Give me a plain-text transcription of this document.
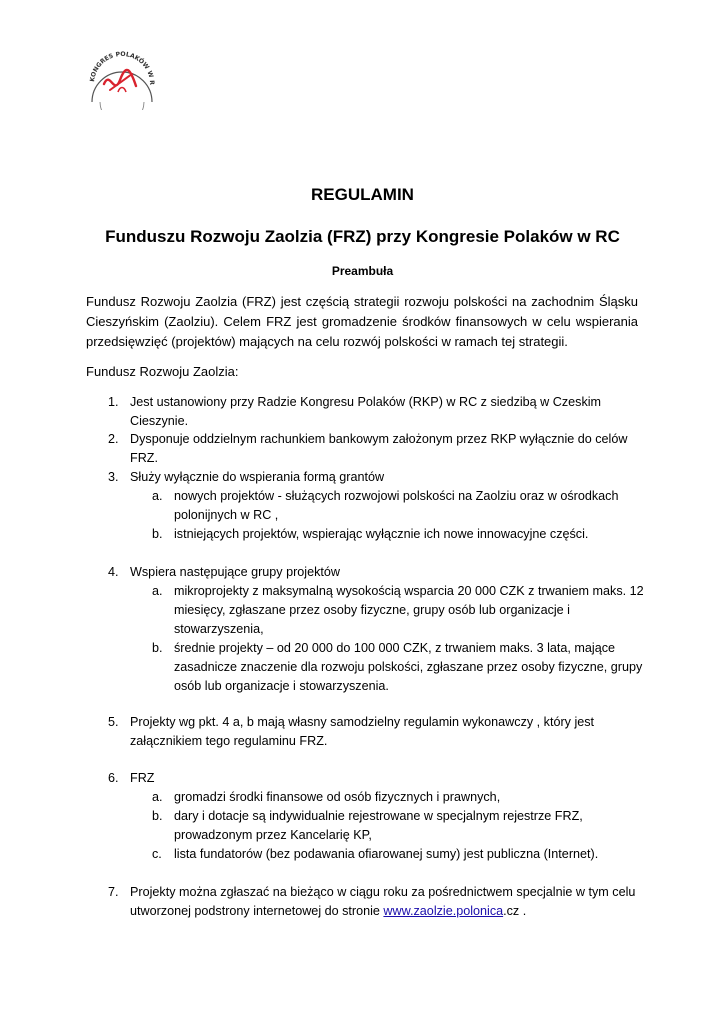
KONGRES POLAKÓW W R
REGULAMIN
Funduszu Rozwoju Zaolzia (FRZ) przy Kongresie Polaków w RC
Preambuła
Fundusz Rozwoju Zaolzia (FRZ) jest częścią strategii rozwoju polskości na zachodnim Śląsku Cieszyńskim (Zaolziu). Celem FRZ jest gromadzenie środków finansowych w celu wspierania przedsięwzięć (projektów) mających na celu rozwój polskości w ramach tej strategii.
Fundusz Rozwoju Zaolzia:
1. Jest ustanowiony przy Radzie Kongresu Polaków (RKP) w RC z siedzibą w Czeskim Cieszynie.
2. Dysponuje oddzielnym rachunkiem bankowym założonym przez RKP wyłącznie do celów FRZ.
3. Służy wyłącznie do wspierania formą grantów
a. nowych projektów - służących rozwojowi polskości na Zaolziu oraz w ośrodkach polonijnych w RC ,
b. istniejących projektów, wspierając wyłącznie ich nowe innowacyjne części.
4. Wspiera następujące grupy projektów
a. mikroprojekty z maksymalną wysokością wsparcia 20 000 CZK z trwaniem maks. 12 miesięcy, zgłaszane przez osoby fizyczne, grupy osób lub organizacje i stowarzyszenia,
b. średnie projekty – od 20 000 do 100 000 CZK, z trwaniem maks. 3 lata, mające zasadnicze znaczenie dla rozwoju polskości, zgłaszane przez osoby fizyczne, grupy osób lub organizacje i stowarzyszenia.
5. Projekty wg pkt. 4 a, b mają własny samodzielny regulamin wykonawczy , który jest załącznikiem tego regulaminu FRZ.
6. FRZ
a. gromadzi środki finansowe od osób fizycznych i prawnych,
b. dary i dotacje są indywidualnie rejestrowane w specjalnym rejestrze FRZ, prowadzonym przez Kancelarię KP,
c. lista fundatorów (bez podawania ofiarowanej sumy) jest publiczna (Internet).
7. Projekty można zgłaszać na bieżąco w ciągu roku za pośrednictwem specjalnie w tym celu utworzonej podstrony internetowej do stronie www.zaolzie.polonica.cz .
